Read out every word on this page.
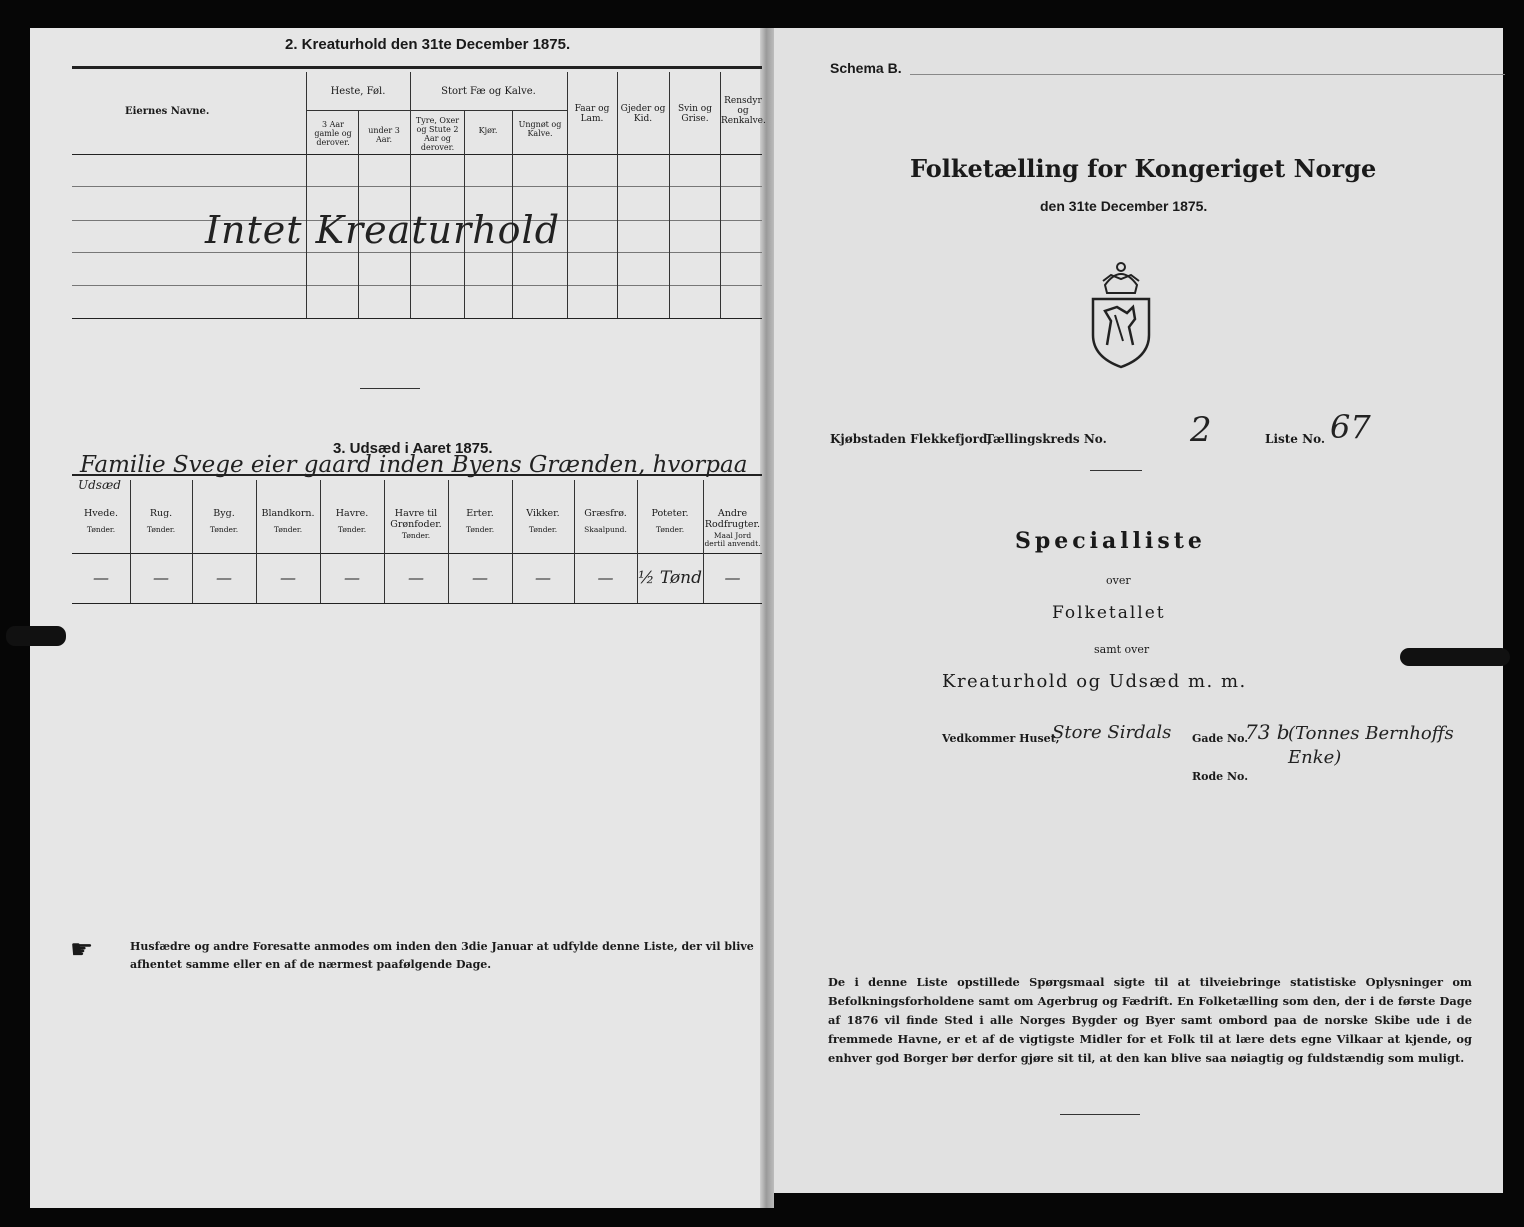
2. Kreaturhold den 31te December 1875.
Eiernes Navne.
Heste, Føl.
3 Aar gamle og derover.
under 3 Aar.
Stort Fæ og Kalve.
Tyre, Oxer og Stute 2 Aar og derover.
Kjør.
Ungnøt og Kalve.
Faar og Lam.
Gjeder og Kid.
Svin og Grise.
Rensdyr og Renkalve.
Intet Kreaturhold
3. Udsæd i Aaret 1875.
Familie Svege eier gaard inden Byens Grænden, hvorpaa
Udsæd
Hvede.
Tønder.
—
Rug.
Tønder.
—
Byg.
Tønder.
—
Blandkorn.
Tønder.
—
Havre.
Tønder.
—
Havre til Grønfoder.
Tønder.
—
Erter.
Tønder.
—
Vikker.
Tønder.
—
Græsfrø.
Skaalpund.
—
Poteter.
Tønder.
½ Tønd
Andre Rodfrugter.
Maal Jord dertil anvendt.
—
☛	Husfædre og andre Foresatte anmodes om inden den 3die Januar at udfylde denne Liste, der vil blive
afhentet samme eller en af de nærmest paafølgende Dage.
Schema B.
Folketælling for Kongeriget Norge
den 31te December 1875.
Kjøbstaden Flekkefjord,
Tællingskreds No. 2	Liste No. 67
Specialliste
over
Folketallet
samt over
Kreaturhold og Udsæd m. m.
Vedkommer Huset,
Store Sirdals Gade No.
73 b
(Tonnes Bernhoffs Enke)
Rode No.
De i denne Liste opstillede Spørgsmaal sigte til at tilveiebringe statistiske Oplysninger om Befolkningsforholdene samt om Agerbrug og Fædrift. En Folketælling som den, der i de første Dage af 1876 vil finde Sted i alle Norges Bygder og Byer samt ombord paa de norske Skibe ude i de fremmede Havne, er et af de vigtigste Midler for et Folk til at lære dets egne Vilkaar at kjende, og enhver god Borger bør derfor gjøre sit til, at den kan blive saa nøiagtig og fuldstændig som muligt.
